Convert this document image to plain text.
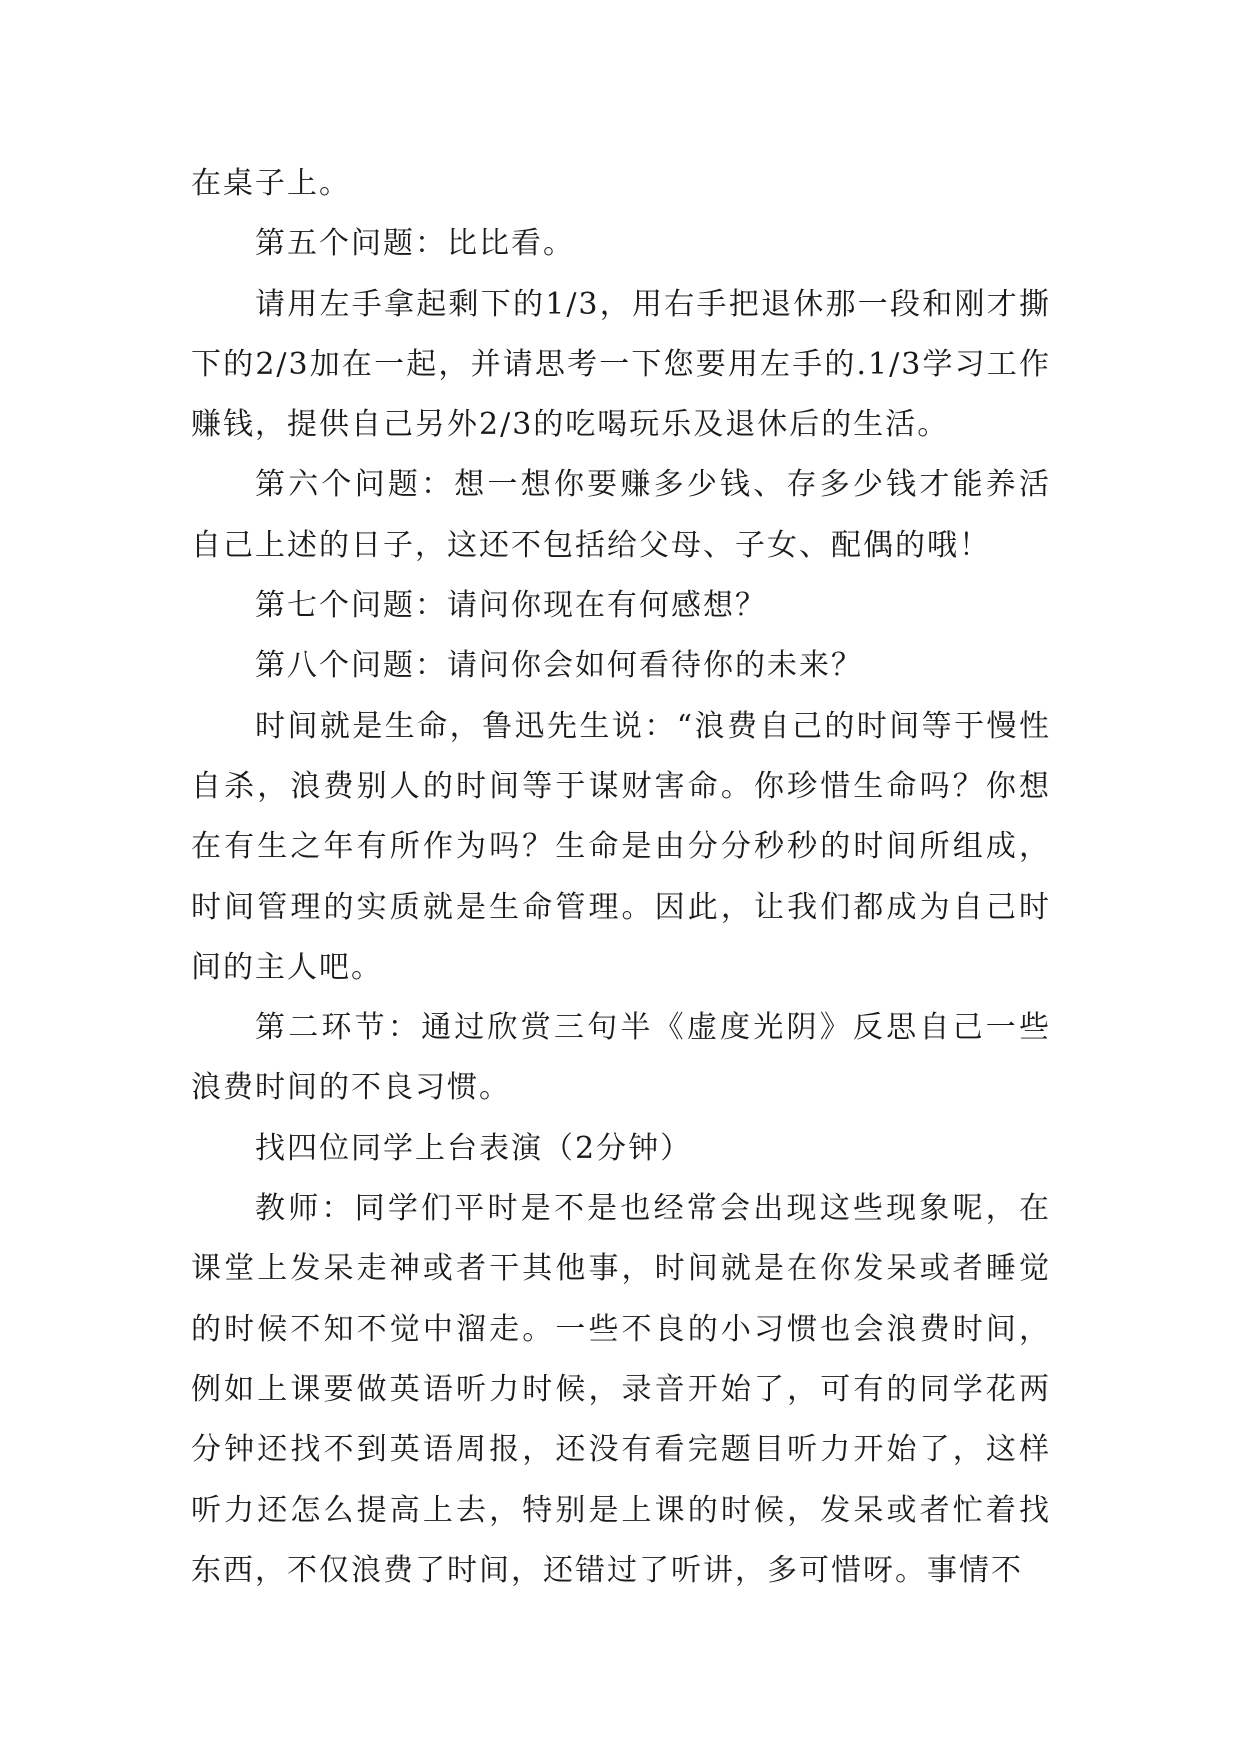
在桌子上。

第五个问题：比比看。

请用左手拿起剩下的1/3，用右手把退休那一段和刚才撕下的2/3加在一起，并请思考一下您要用左手的.1/3学习工作赚钱，提供自己另外2/3的吃喝玩乐及退休后的生活。

第六个问题：想一想你要赚多少钱、存多少钱才能养活自己上述的日子，这还不包括给父母、子女、配偶的哦！

第七个问题：请问你现在有何感想？

第八个问题：请问你会如何看待你的未来？

时间就是生命，鲁迅先生说：“浪费自己的时间等于慢性自杀，浪费别人的时间等于谋财害命。你珍惜生命吗？你想在有生之年有所作为吗？生命是由分分秒秒的时间所组成，时间管理的实质就是生命管理。因此，让我们都成为自己时间的主人吧。

第二环节：通过欣赏三句半《虚度光阴》反思自己一些浪费时间的不良习惯。

找四位同学上台表演（2分钟）

教师：同学们平时是不是也经常会出现这些现象呢，在课堂上发呆走神或者干其他事，时间就是在你发呆或者睡觉的时候不知不觉中溜走。一些不良的小习惯也会浪费时间，例如上课要做英语听力时候，录音开始了，可有的同学花两分钟还找不到英语周报，还没有看完题目听力开始了，这样听力还怎么提高上去，特别是上课的时候，发呆或者忙着找东西，不仅浪费了时间，还错过了听讲，多可惜呀。事情不
